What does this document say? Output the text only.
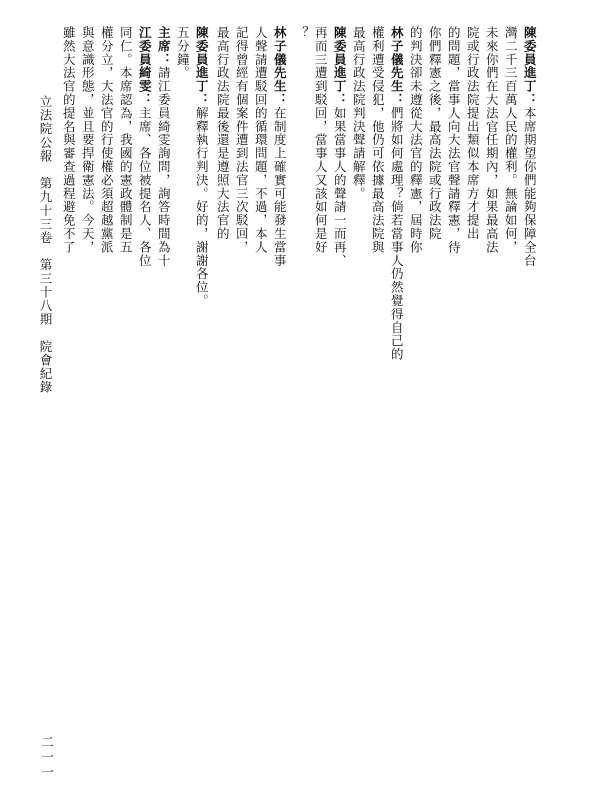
陳委員進丁：本席期望你們能夠保障全台
灣二千三百萬人民的權利。無論如何，
未來你們在大法官任期內，如果最高法
院或行政法院提出類似本席方才提出
的問題，當事人向大法官聲請釋憲，待
你們釋憲之後，最高法院或行政法院
的判決卻未遵從大法官的釋憲，屆時你
林子儀先生：們將如何處理？倘若當事人仍然覺得自己的
權利遭受侵犯，他仍可依據最高法院與
最高行政法院判決聲請解釋。
陳委員進丁：如果當事人的聲請一而再、
再而三遭到駁回，當事人又該如何是好
？
林子儀先生：在制度上確實可能發生當事
人聲請遭駁回的循環問題，不過，本人
記得曾經有個案件遭到法官三次駁回，
最高行政法院最後還是遵照大法官的
陳委員進丁：解釋執行判決。好的，謝謝各位。
五分鐘。
主席：請江委員綺雯詢問，詢答時間為十
江委員綺雯：主席、各位被提名人、各位
同仁。本席認為，我國的憲政體制是五
權分立，大法官的行使權必須超越黨派
與意識形態，並且要捍衛憲法。今天，
雖然大法官的提名與審查過程避免不了
立法院公報　第九十三卷　第三十八期　院會紀錄
二一一
